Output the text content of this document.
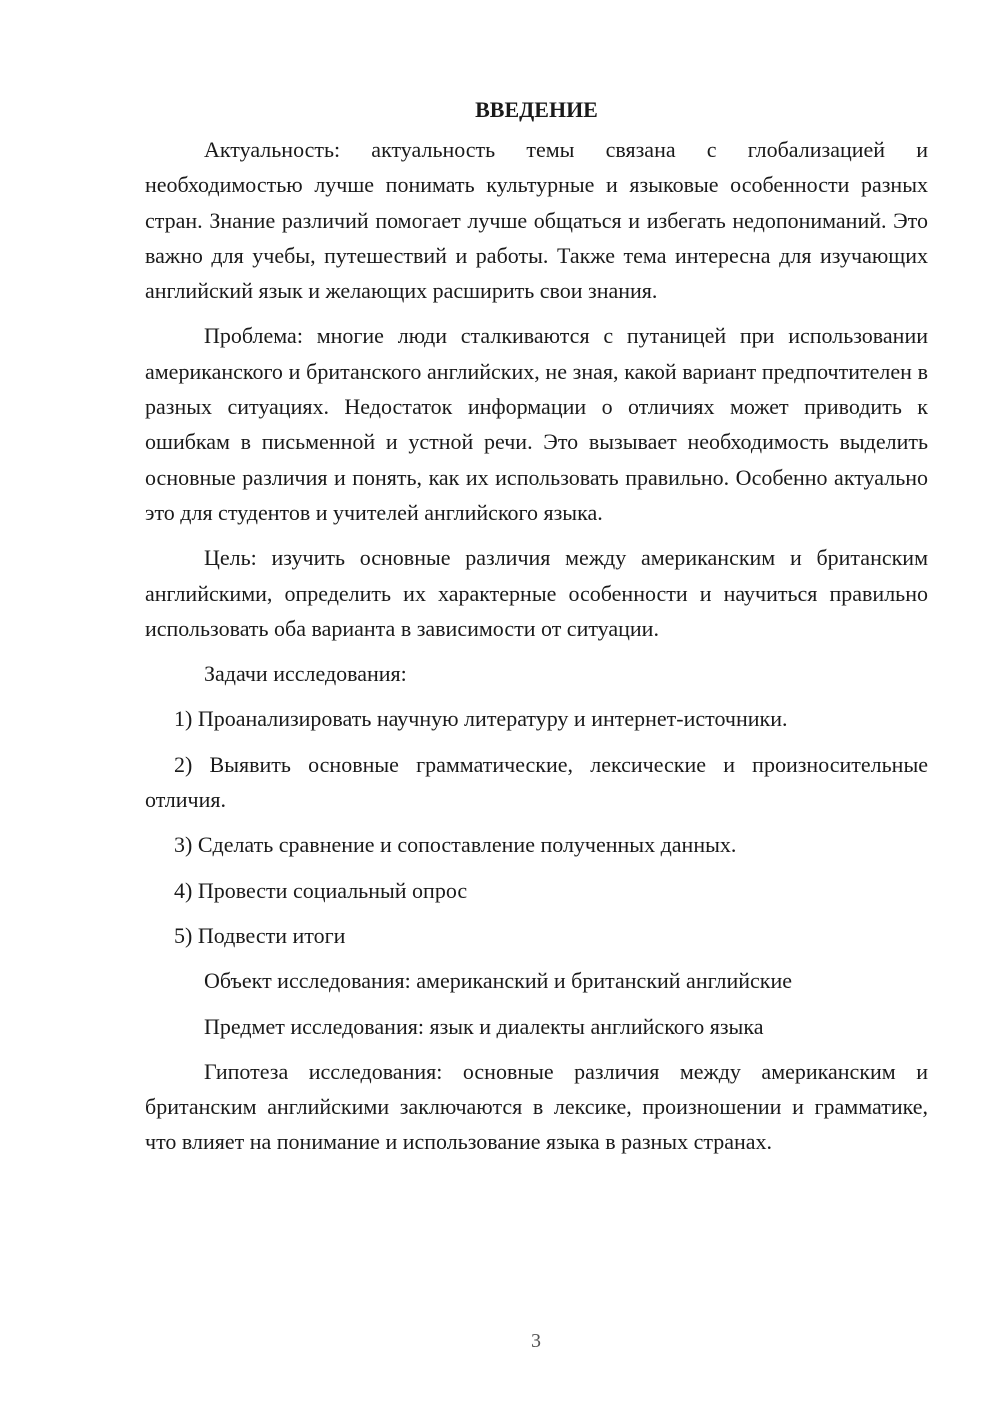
ВВЕДЕНИЕ

Актуальность: актуальность темы связана с глобализацией и необходимостью лучше понимать культурные и языковые особенности разных стран. Знание различий помогает лучше общаться и избегать недопониманий. Это важно для учебы, путешествий и работы. Также тема интересна для изучающих английский язык и желающих расширить свои знания.

Проблема: многие люди сталкиваются с путаницей при использовании американского и британского английских, не зная, какой вариант предпочтителен в разных ситуациях. Недостаток информации о отличиях может приводить к ошибкам в письменной и устной речи. Это вызывает необходимость выделить основные различия и понять, как их использовать правильно. Особенно актуально это для студентов и учителей английского языка.

Цель: изучить основные различия между американским и британским английскими, определить их характерные особенности и научиться правильно использовать оба варианта в зависимости от ситуации.

Задачи исследования:

1) Проанализировать научную литературу и интернет-источники.

2) Выявить основные грамматические, лексические и произносительные отличия.

3) Сделать сравнение и сопоставление полученных данных.

4) Провести социальный опрос

5) Подвести итоги

Объект исследования: американский и британский английские

Предмет исследования: язык и диалекты английского языка

Гипотеза исследования: основные различия между американским и британским английскими заключаются в лексике, произношении и грамматике, что влияет на понимание и использование языка в разных странах.

3
